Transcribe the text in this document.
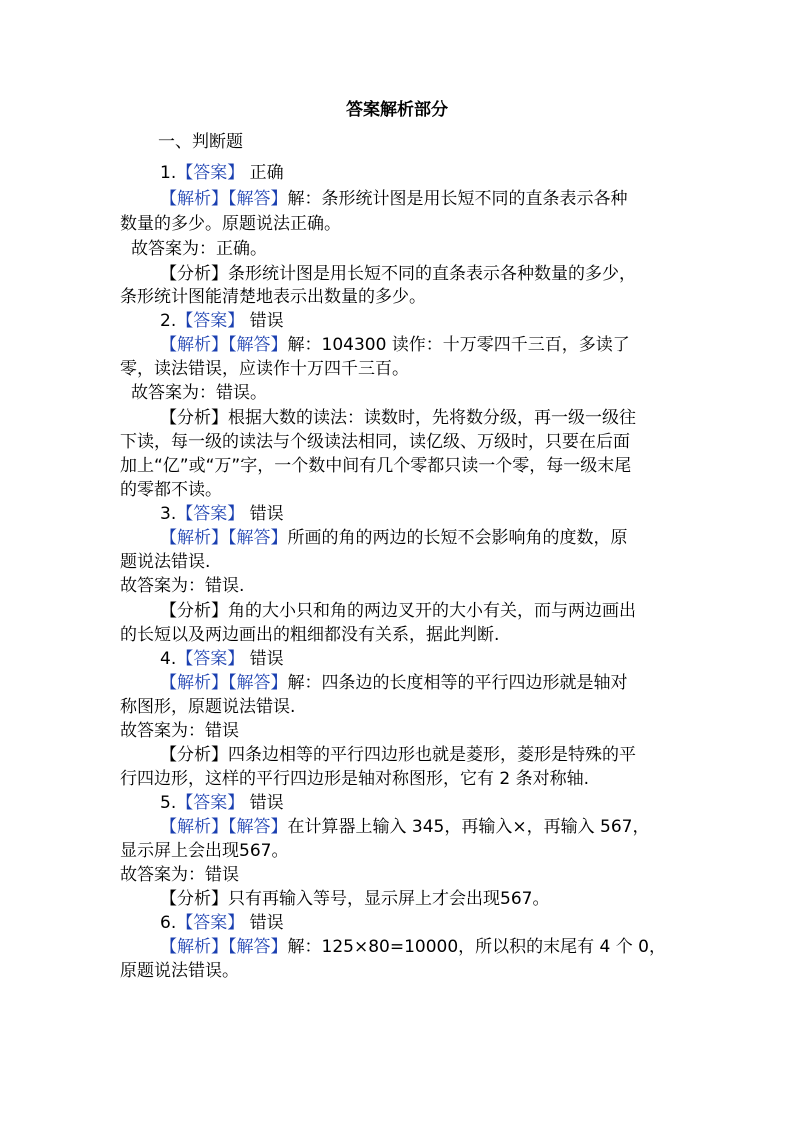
答案解析部分
一、判断题
1.【答案】 正确
【解析】【解答】解：条形统计图是用长短不同的直条表示各种
数量的多少。原题说法正确。
故答案为：正确。
【分析】条形统计图是用长短不同的直条表示各种数量的多少，
条形统计图能清楚地表示出数量的多少。
2.【答案】 错误
【解析】【解答】解：104300 读作：十万零四千三百，多读了
零，读法错误，应读作十万四千三百。
故答案为：错误。
【分析】根据大数的读法：读数时，先将数分级，再一级一级往
下读，每一级的读法与个级读法相同，读亿级、万级时，只要在后面
加上“亿”或“万”字，一个数中间有几个零都只读一个零，每一级末尾
的零都不读。
3.【答案】 错误
【解析】【解答】所画的角的两边的长短不会影响角的度数，原
题说法错误.
故答案为：错误.
【分析】角的大小只和角的两边叉开的大小有关，而与两边画出
的长短以及两边画出的粗细都没有关系，据此判断.
4.【答案】 错误
【解析】【解答】解：四条边的长度相等的平行四边形就是轴对
称图形，原题说法错误.
故答案为：错误
【分析】四条边相等的平行四边形也就是菱形，菱形是特殊的平
行四边形，这样的平行四边形是轴对称图形，它有 2 条对称轴.
5.【答案】 错误
【解析】【解答】在计算器上输入 345，再输入×，再输入 567，
显示屏上会出现567。
故答案为：错误
【分析】只有再输入等号，显示屏上才会出现567。
6.【答案】 错误
【解析】【解答】解：125×80=10000，所以积的末尾有 4 个 0，
原题说法错误。
